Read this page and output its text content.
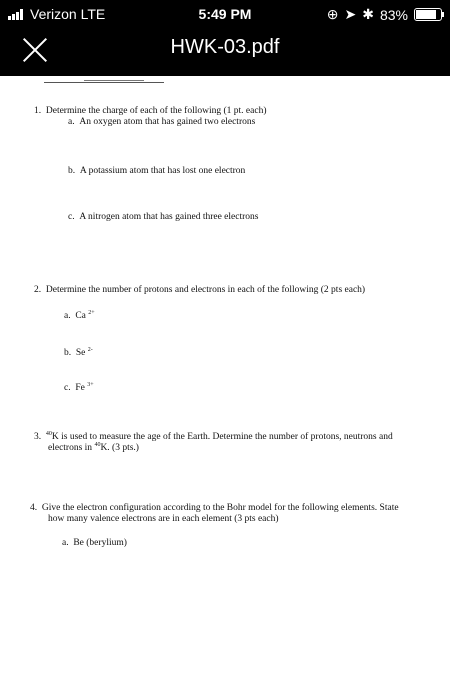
Verizon LTE	5:49 PM	⊕ ➤ ✱ 83%
HWK-03.pdf
1. Determine the charge of each of the following (1 pt. each)
a. An oxygen atom that has gained two electrons
b. A potassium atom that has lost one electron
c. A nitrogen atom that has gained three electrons
2. Determine the number of protons and electrons in each of the following (2 pts each)
a. Ca $^{2+}$
b. Se $^{2-}$
c. Fe $^{3+}$
3. $^{40}$K is used to measure the age of the Earth. Determine the number of protons, neutrons and
electrons in $^{40}$K. (3 pts.)
4. Give the electron configuration according to the Bohr model for the following elements. State
how many valence electrons are in each element (3 pts each)
a. Be (berylium)
